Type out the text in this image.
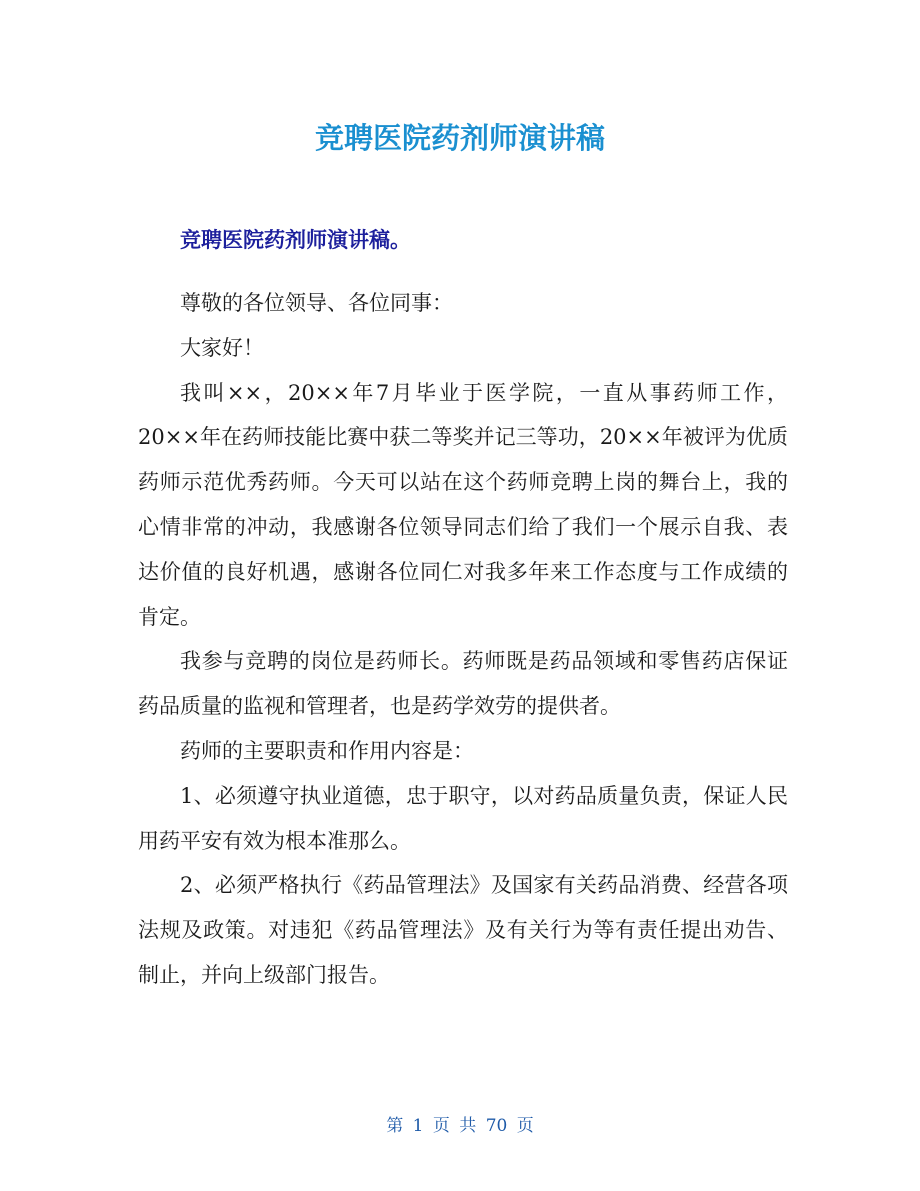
竞聘医院药剂师演讲稿
竞聘医院药剂师演讲稿。

尊敬的各位领导、各位同事：

大家好！

我叫××，20××年7月毕业于医学院，一直从事药师工作，20××年在药师技能比赛中获二等奖并记三等功，20××年被评为优质药师示范优秀药师。今天可以站在这个药师竞聘上岗的舞台上，我的心情非常的冲动，我感谢各位领导同志们给了我们一个展示自我、表达价值的良好机遇，感谢各位同仁对我多年来工作态度与工作成绩的肯定。

我参与竞聘的岗位是药师长。药师既是药品领域和零售药店保证药品质量的监视和管理者，也是药学效劳的提供者。

药师的主要职责和作用内容是：

1、必须遵守执业道德，忠于职守，以对药品质量负责，保证人民用药平安有效为根本准那么。

2、必须严格执行《药品管理法》及国家有关药品消费、经营各项法规及政策。对违犯《药品管理法》及有关行为等有责任提出劝告、制止，并向上级部门报告。

第 1 页 共 70 页
